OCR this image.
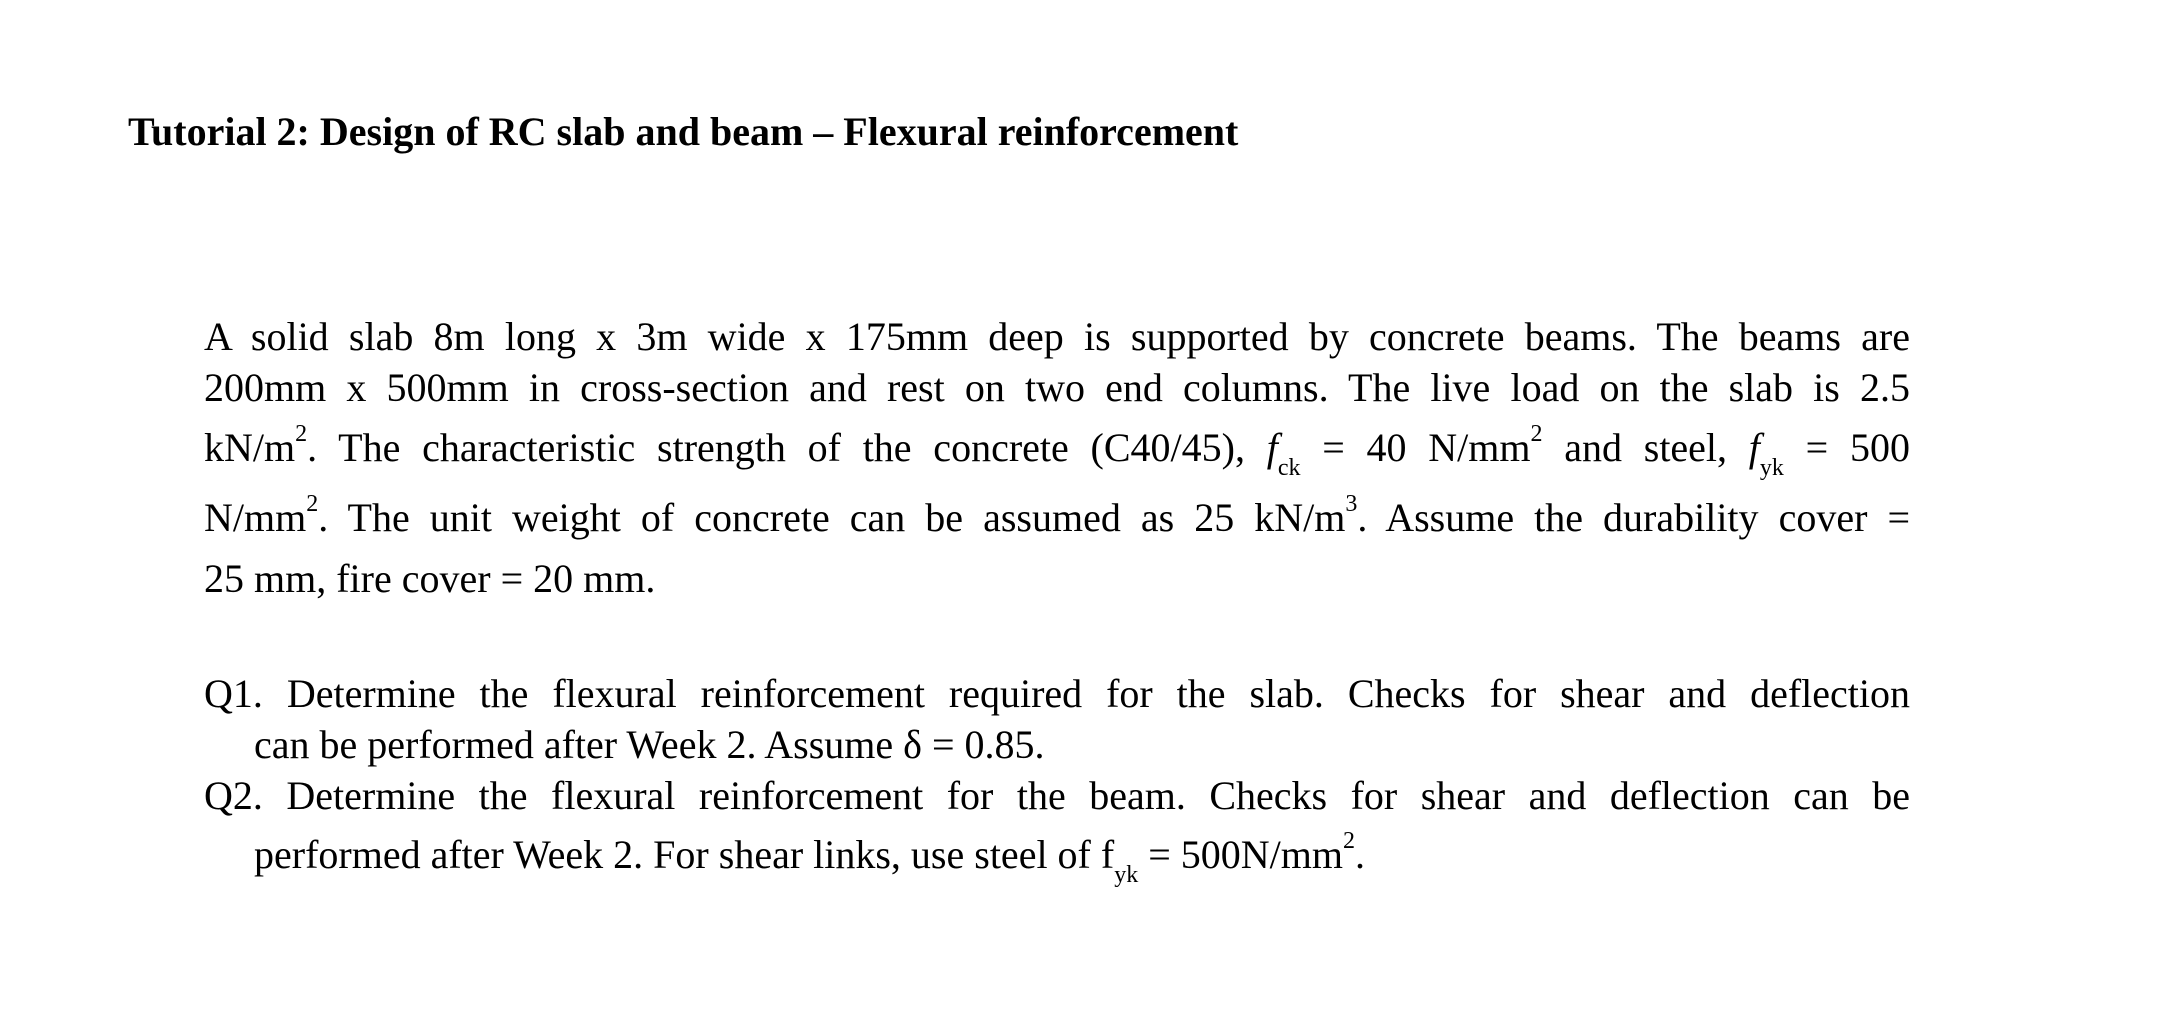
Tutorial 2: Design of RC slab and beam – Flexural reinforcement
A solid slab 8m long x 3m wide x 175mm deep is supported by concrete beams. The beams are
200mm x 500mm in cross-section and rest on two end columns. The live load on the slab is 2.5
$kN/m^2$. The characteristic strength of the concrete (C40/45), $f_{ck} = 40$ $N/mm^2$ and steel, $f_{yk} = 500$
$N/mm^2$. The unit weight of concrete can be assumed as 25 $kN/m^3$. Assume the durability cover =
25 mm, fire cover = 20 mm.
Q1. Determine the flexural reinforcement required for the slab. Checks for shear and deflection
can be performed after Week 2. Assume δ = 0.85.
Q2. Determine the flexural reinforcement for the beam. Checks for shear and deflection can be
performed after Week 2. For shear links, use steel of $f_{yk} = 500N/mm^2$.
